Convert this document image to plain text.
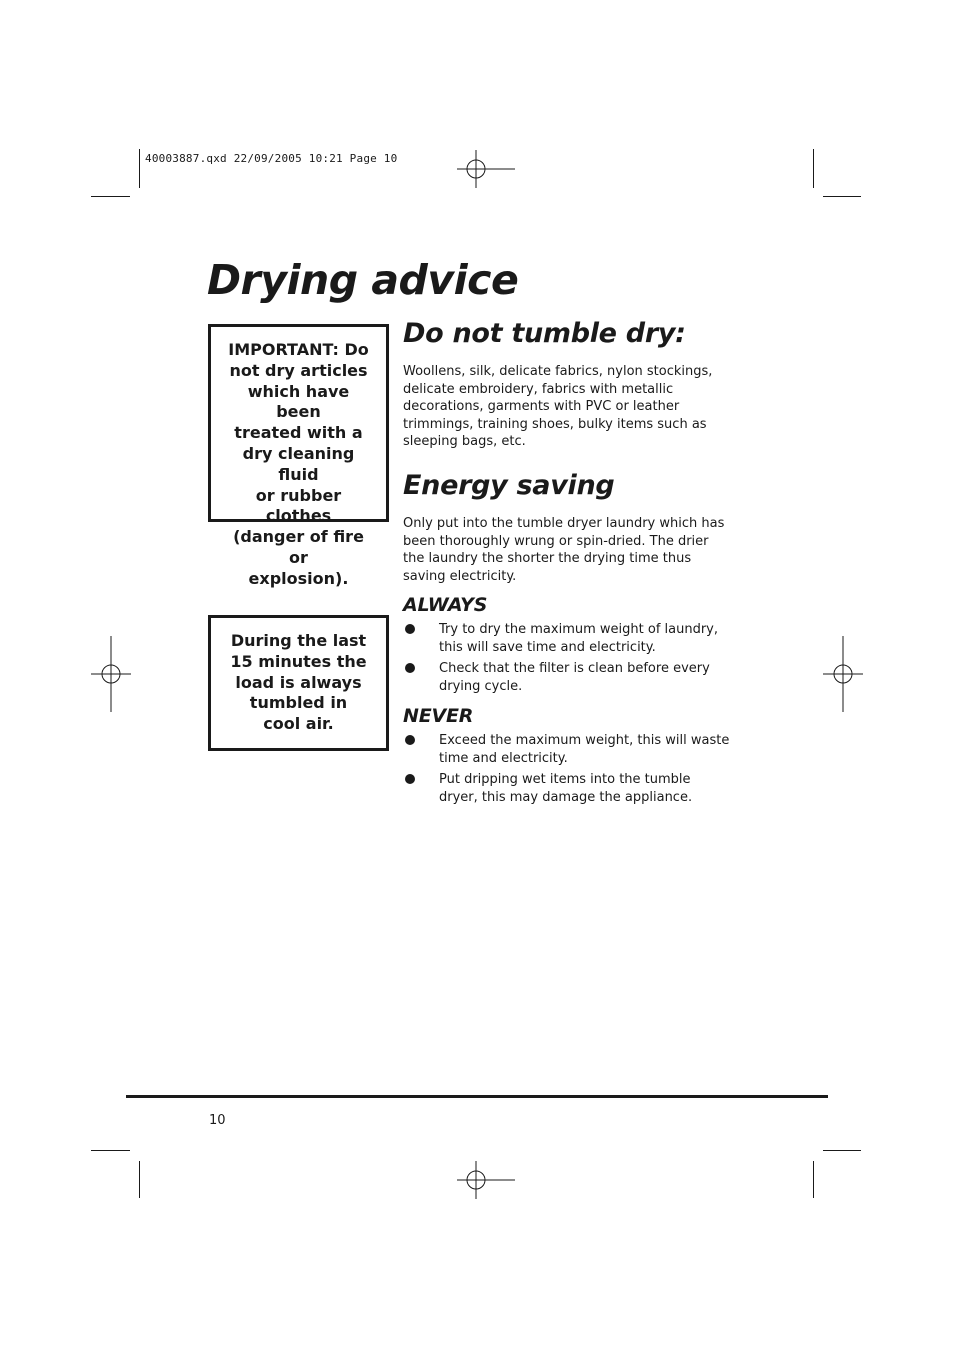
40003887.qxd 22/09/2005 10:21 Page 10
Drying advice
IMPORTANT: Do
not dry articles
which have been
treated with a
dry cleaning fluid
or rubber clothes
(danger of fire or
explosion).
During the last
15 minutes the
load is always
tumbled in
cool air.
Do not tumble dry:
Woollens, silk, delicate fabrics, nylon stockings,
delicate embroidery, fabrics with metallic
decorations, garments with PVC or leather
trimmings, training shoes, bulky items such as
sleeping bags, etc.
Energy saving
Only put into the tumble dryer laundry which has
been thoroughly wrung or spin-dried. The drier
the laundry the shorter the drying time thus
saving electricity.
ALWAYS
Try to dry the maximum weight of laundry,
this will save time and electricity.
Check that the filter is clean before every
drying cycle.
NEVER
Exceed the maximum weight, this will waste
time and electricity.
Put dripping wet items into the tumble
dryer, this may damage the appliance.
10
